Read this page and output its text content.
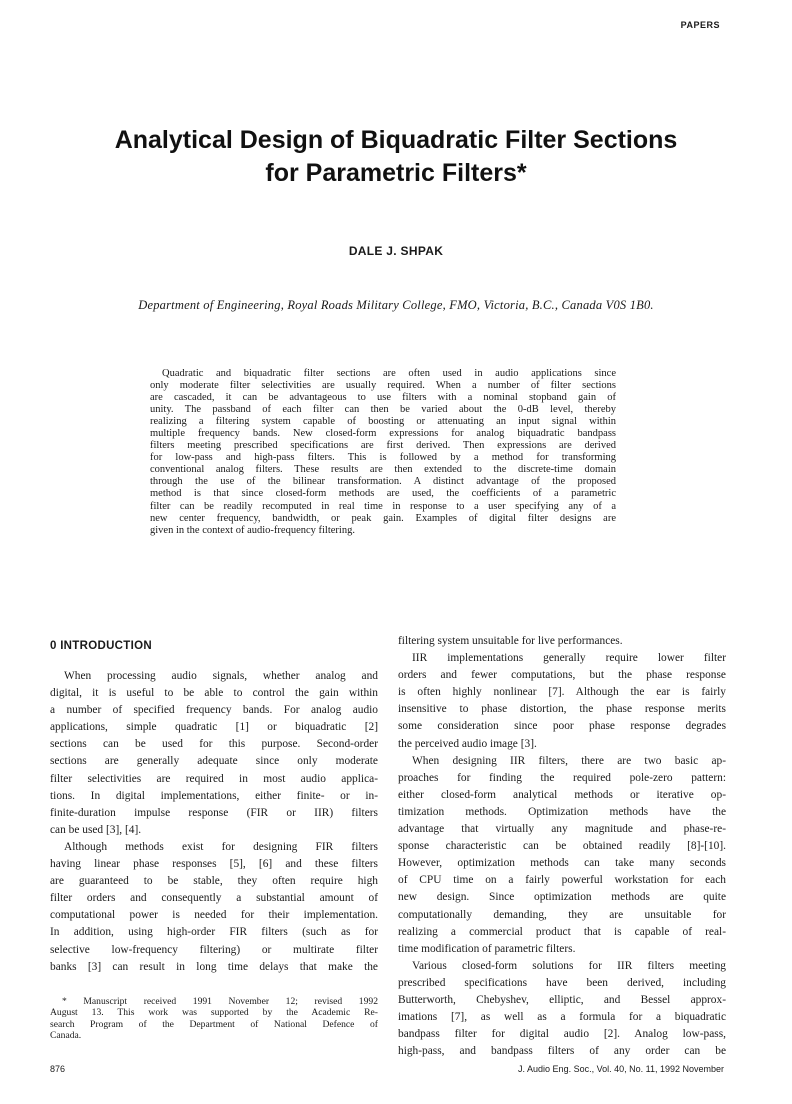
PAPERS
Analytical Design of Biquadratic Filter Sections
for Parametric Filters*
DALE J. SHPAK
Department of Engineering, Royal Roads Military College, FMO, Victoria, B.C., Canada V0S 1B0.
Quadratic and biquadratic filter sections are often used in audio applications since
only moderate filter selectivities are usually required. When a number of filter sections
are cascaded, it can be advantageous to use filters with a nominal stopband gain of
unity. The passband of each filter can then be varied about the 0-dB level, thereby
realizing a filtering system capable of boosting or attenuating an input signal within
multiple frequency bands. New closed-form expressions for analog biquadratic bandpass
filters meeting prescribed specifications are first derived. Then expressions are derived
for low-pass and high-pass filters. This is followed by a method for transforming
conventional analog filters. These results are then extended to the discrete-time domain
through the use of the bilinear transformation. A distinct advantage of the proposed
method is that since closed-form methods are used, the coefficients of a parametric
filter can be readily recomputed in real time in response to a user specifying any of a
new center frequency, bandwidth, or peak gain. Examples of digital filter designs are
given in the context of audio-frequency filtering.
0 INTRODUCTION
When processing audio signals, whether analog and
digital, it is useful to be able to control the gain within
a number of specified frequency bands. For analog audio
applications, simple quadratic [1] or biquadratic [2]
sections can be used for this purpose. Second-order
sections are generally adequate since only moderate
filter selectivities are required in most audio applica-
tions. In digital implementations, either finite- or in-
finite-duration impulse response (FIR or IIR) filters
can be used [3], [4].
Although methods exist for designing FIR filters
having linear phase responses [5], [6] and these filters
are guaranteed to be stable, they often require high
filter orders and consequently a substantial amount of
computational power is needed for their implementation.
In addition, using high-order FIR filters (such as for
selective low-frequency filtering) or multirate filter
banks [3] can result in long time delays that make the
filtering system unsuitable for live performances.
IIR implementations generally require lower filter
orders and fewer computations, but the phase response
is often highly nonlinear [7]. Although the ear is fairly
insensitive to phase distortion, the phase response merits
some consideration since poor phase response degrades
the perceived audio image [3].
When designing IIR filters, there are two basic ap-
proaches for finding the required pole-zero pattern:
either closed-form analytical methods or iterative op-
timization methods. Optimization methods have the
advantage that virtually any magnitude and phase-re-
sponse characteristic can be obtained readily [8]-[10].
However, optimization methods can take many seconds
of CPU time on a fairly powerful workstation for each
new design. Since optimization methods are quite
computationally demanding, they are unsuitable for
realizing a commercial product that is capable of real-
time modification of parametric filters.
Various closed-form solutions for IIR filters meeting
prescribed specifications have been derived, including
Butterworth, Chebyshev, elliptic, and Bessel approx-
imations [7], as well as a formula for a biquadratic
bandpass filter for digital audio [2]. Analog low-pass,
high-pass, and bandpass filters of any order can be
* Manuscript received 1991 November 12; revised 1992
August 13. This work was supported by the Academic Re-
search Program of the Department of National Defence of
Canada.
876	J. Audio Eng. Soc., Vol. 40, No. 11, 1992 November
